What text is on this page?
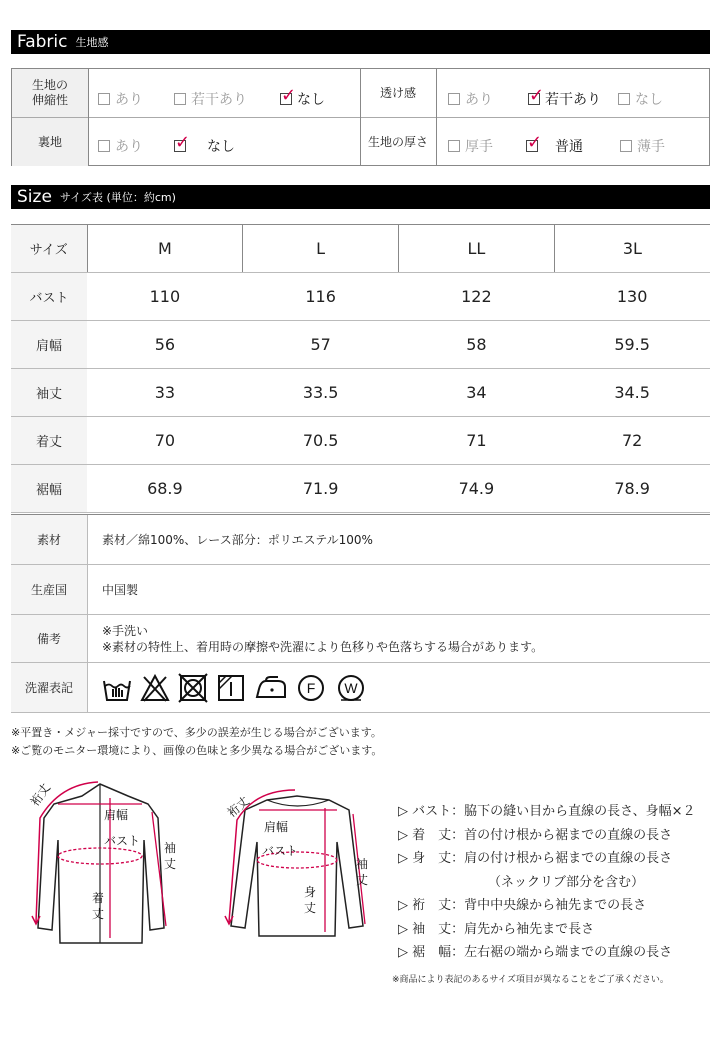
Fabric 生地感
生地の
伸縮性	あり	若干あり ✓ なし	透け感	あり ✓ 若干あり なし
裏地	あり ✓ なし	生地の厚さ	厚手 ✓ 普通	薄手
Size サイズ表 (単位：約cm)
サイズ	M	L	LL	3L
バスト	110	116	122	130
肩幅	56	57	58	59.5
袖丈	33	33.5	34	34.5
着丈	70	70.5	71	72
裾幅	68.9	71.9	74.9	78.9
素材	素材／綿100%、レース部分：ポリエステル100%
生産国	中国製
備考
※手洗い
※素材の特性上、着用時の摩擦や洗濯により色移りや色落ちする場合があります。
洗濯表記	F W
※平置き・メジャー採寸ですので、多少の誤差が生じる場合がございます。
※ご覧のモニター環境により、画像の色味と多少異なる場合がございます。
裄丈
肩幅
バスト 袖丈
着丈
裄丈
肩幅
バスト
身丈
袖丈
▷ バスト：脇下の縫い目から直線の長さ、身幅×２
▷ 着　丈：首の付け根から裾までの直線の長さ
▷ 身　丈：肩の付け根から裾までの直線の長さ
（ネックリブ部分を含む）
▷ 裄　丈：背中中央線から袖先までの長さ
▷ 袖　丈：肩先から袖先まで長さ
▷ 裾　幅：左右裾の端から端までの直線の長さ
※商品により表記のあるサイズ項目が異なることをご了承ください。
